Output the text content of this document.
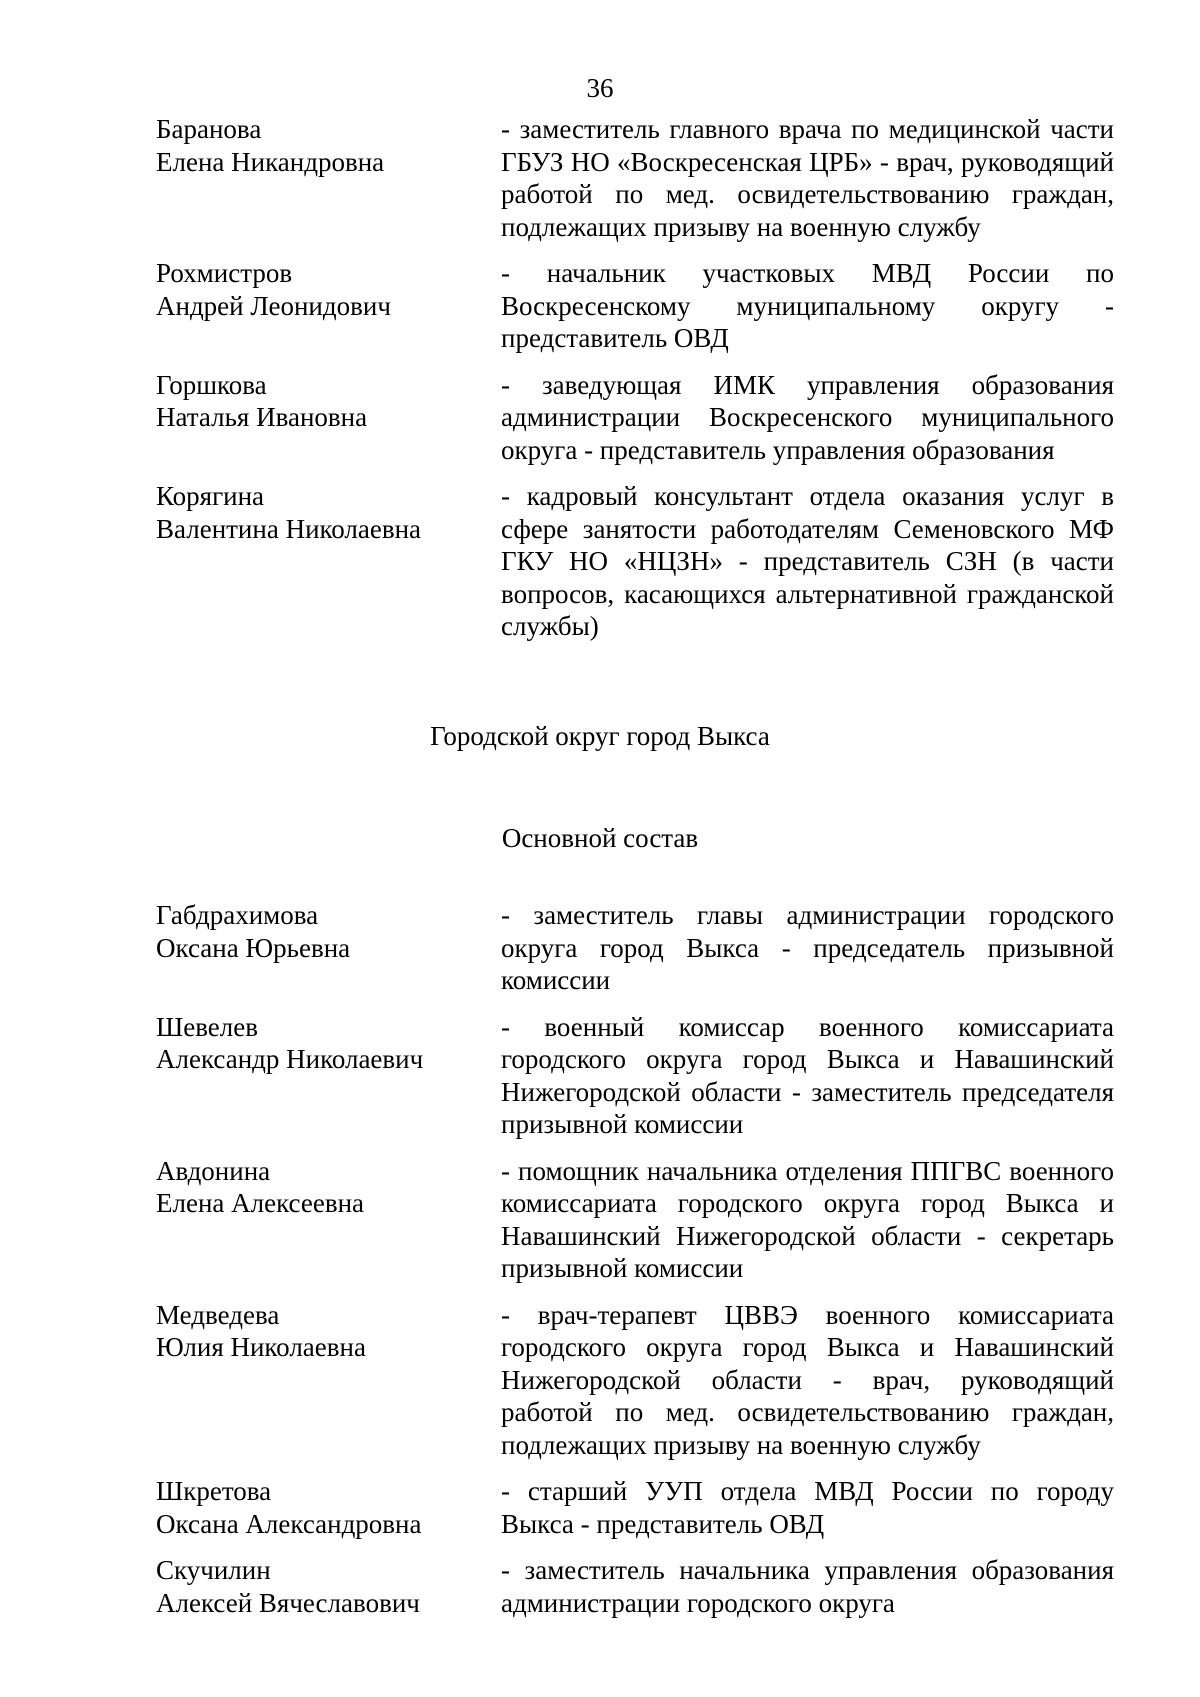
36

Баранова
Елена Никандровна
- заместитель главного врача по медицинской части ГБУЗ НО «Воскресенская ЦРБ» - врач, руководящий работой по мед. освидетельствованию граждан, подлежащих призыву на военную службу
Рохмистров
Андрей Леонидович
- начальник участковых МВД России по Воскресенскому муниципальному округу - представитель ОВД
Горшкова
Наталья Ивановна
- заведующая ИМК управления образования администрации Воскресенского муниципального округа - представитель управления образования
Корягина
Валентина Николаевна
- кадровый консультант отдела оказания услуг в сфере занятости работодателям Семеновского МФ ГКУ НО «НЦЗН» - представитель СЗН (в части вопросов, касающихся альтернативной гражданской службы)
Городской округ город Выкса
Основной состав
Габдрахимова
Оксана Юрьевна
- заместитель главы администрации городского округа город Выкса - председатель призывной комиссии
Шевелев
Александр Николаевич
- военный комиссар военного комиссариата городского округа город Выкса и Навашинский Нижегородской области - заместитель председателя призывной комиссии
Авдонина
Елена Алексеевна
- помощник начальника отделения ППГВС военного комиссариата городского округа город Выкса и Навашинский Нижегородской области - секретарь призывной комиссии
Медведева
Юлия Николаевна
- врач-терапевт ЦВВЭ военного комиссариата городского округа город Выкса и Навашинский Нижегородской области - врач, руководящий работой по мед. освидетельствованию граждан, подлежащих призыву на военную службу
Шкретова
Оксана Александровна
- старший УУП отдела МВД России по городу Выкса - представитель ОВД
Скучилин
Алексей Вячеславович
- заместитель начальника управления образования администрации городского округа
